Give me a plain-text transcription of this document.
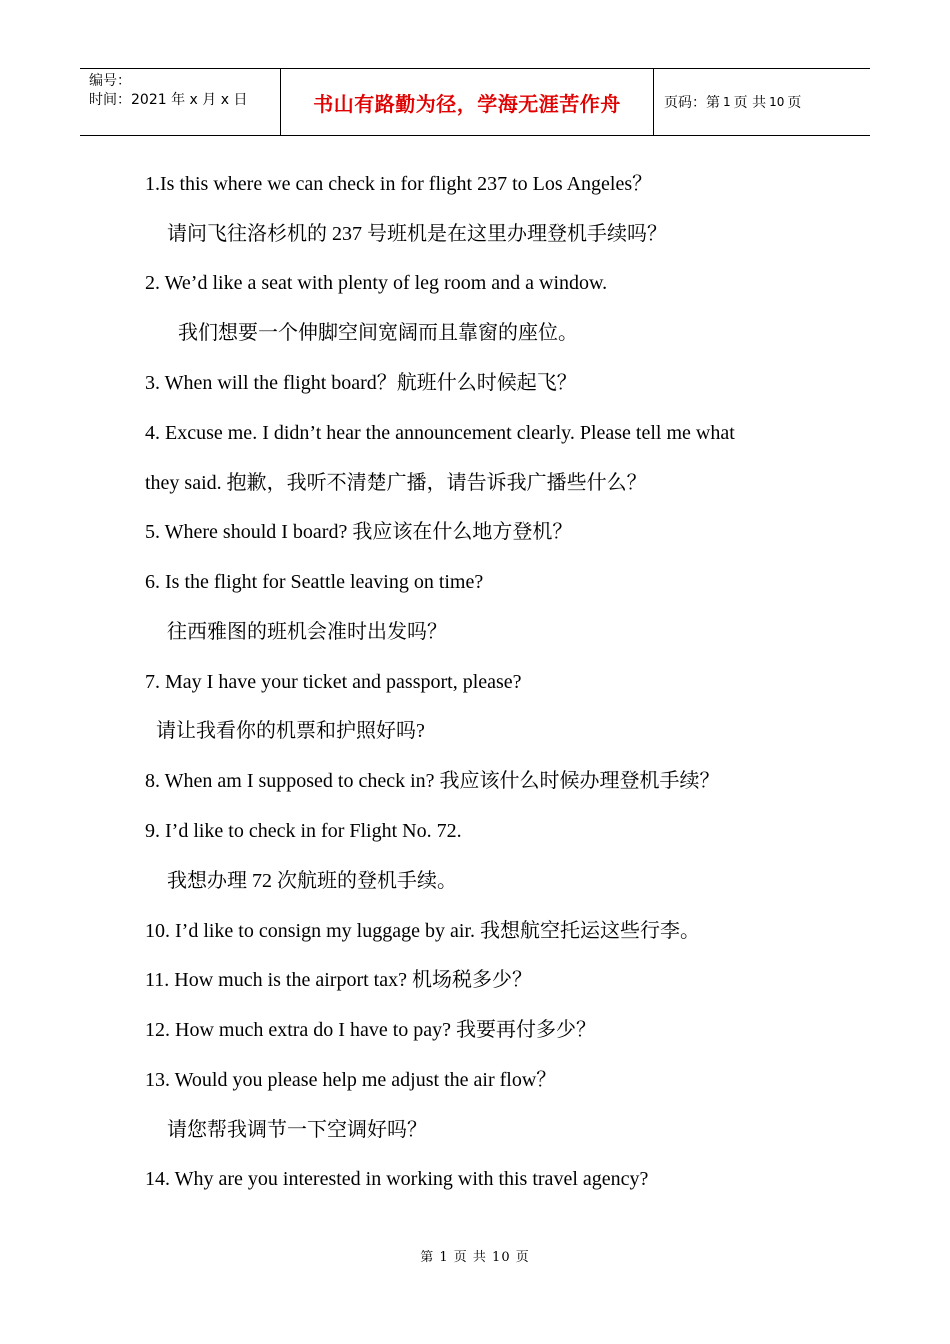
编号：
时间：2021 年 x 月 x 日	书山有路勤为径，学海无涯苦作舟	页码：第 1 页 共 10 页
1.Is this where we can check in for flight 237 to Los Angeles？
请问飞往洛杉机的 237 号班机是在这里办理登机手续吗？
2. We’d like a seat with plenty of leg room and a window.
我们想要一个伸脚空间宽阔而且靠窗的座位。
3. When will the flight board？航班什么时候起飞？
4. Excuse me. I didn’t hear the announcement clearly. Please tell me what
they said. 抱歉，我听不清楚广播，请告诉我广播些什么？
5. Where should I board? 我应该在什么地方登机？
6. Is the flight for Seattle leaving on time?
往西雅图的班机会准时出发吗？
7. May I have your ticket and passport, please?
请让我看你的机票和护照好吗?
8. When am I supposed to check in? 我应该什么时候办理登机手续？
9. I’d like to check in for Flight No. 72.
我想办理 72 次航班的登机手续。
10. I’d like to consign my luggage by air. 我想航空托运这些行李。
11. How much is the airport tax? 机场税多少？
12. How much extra do I have to pay? 我要再付多少？
13. Would you please help me adjust the air flow？
请您帮我调节一下空调好吗？
14. Why are you interested in working with this travel agency?
第 1 页 共 10 页
